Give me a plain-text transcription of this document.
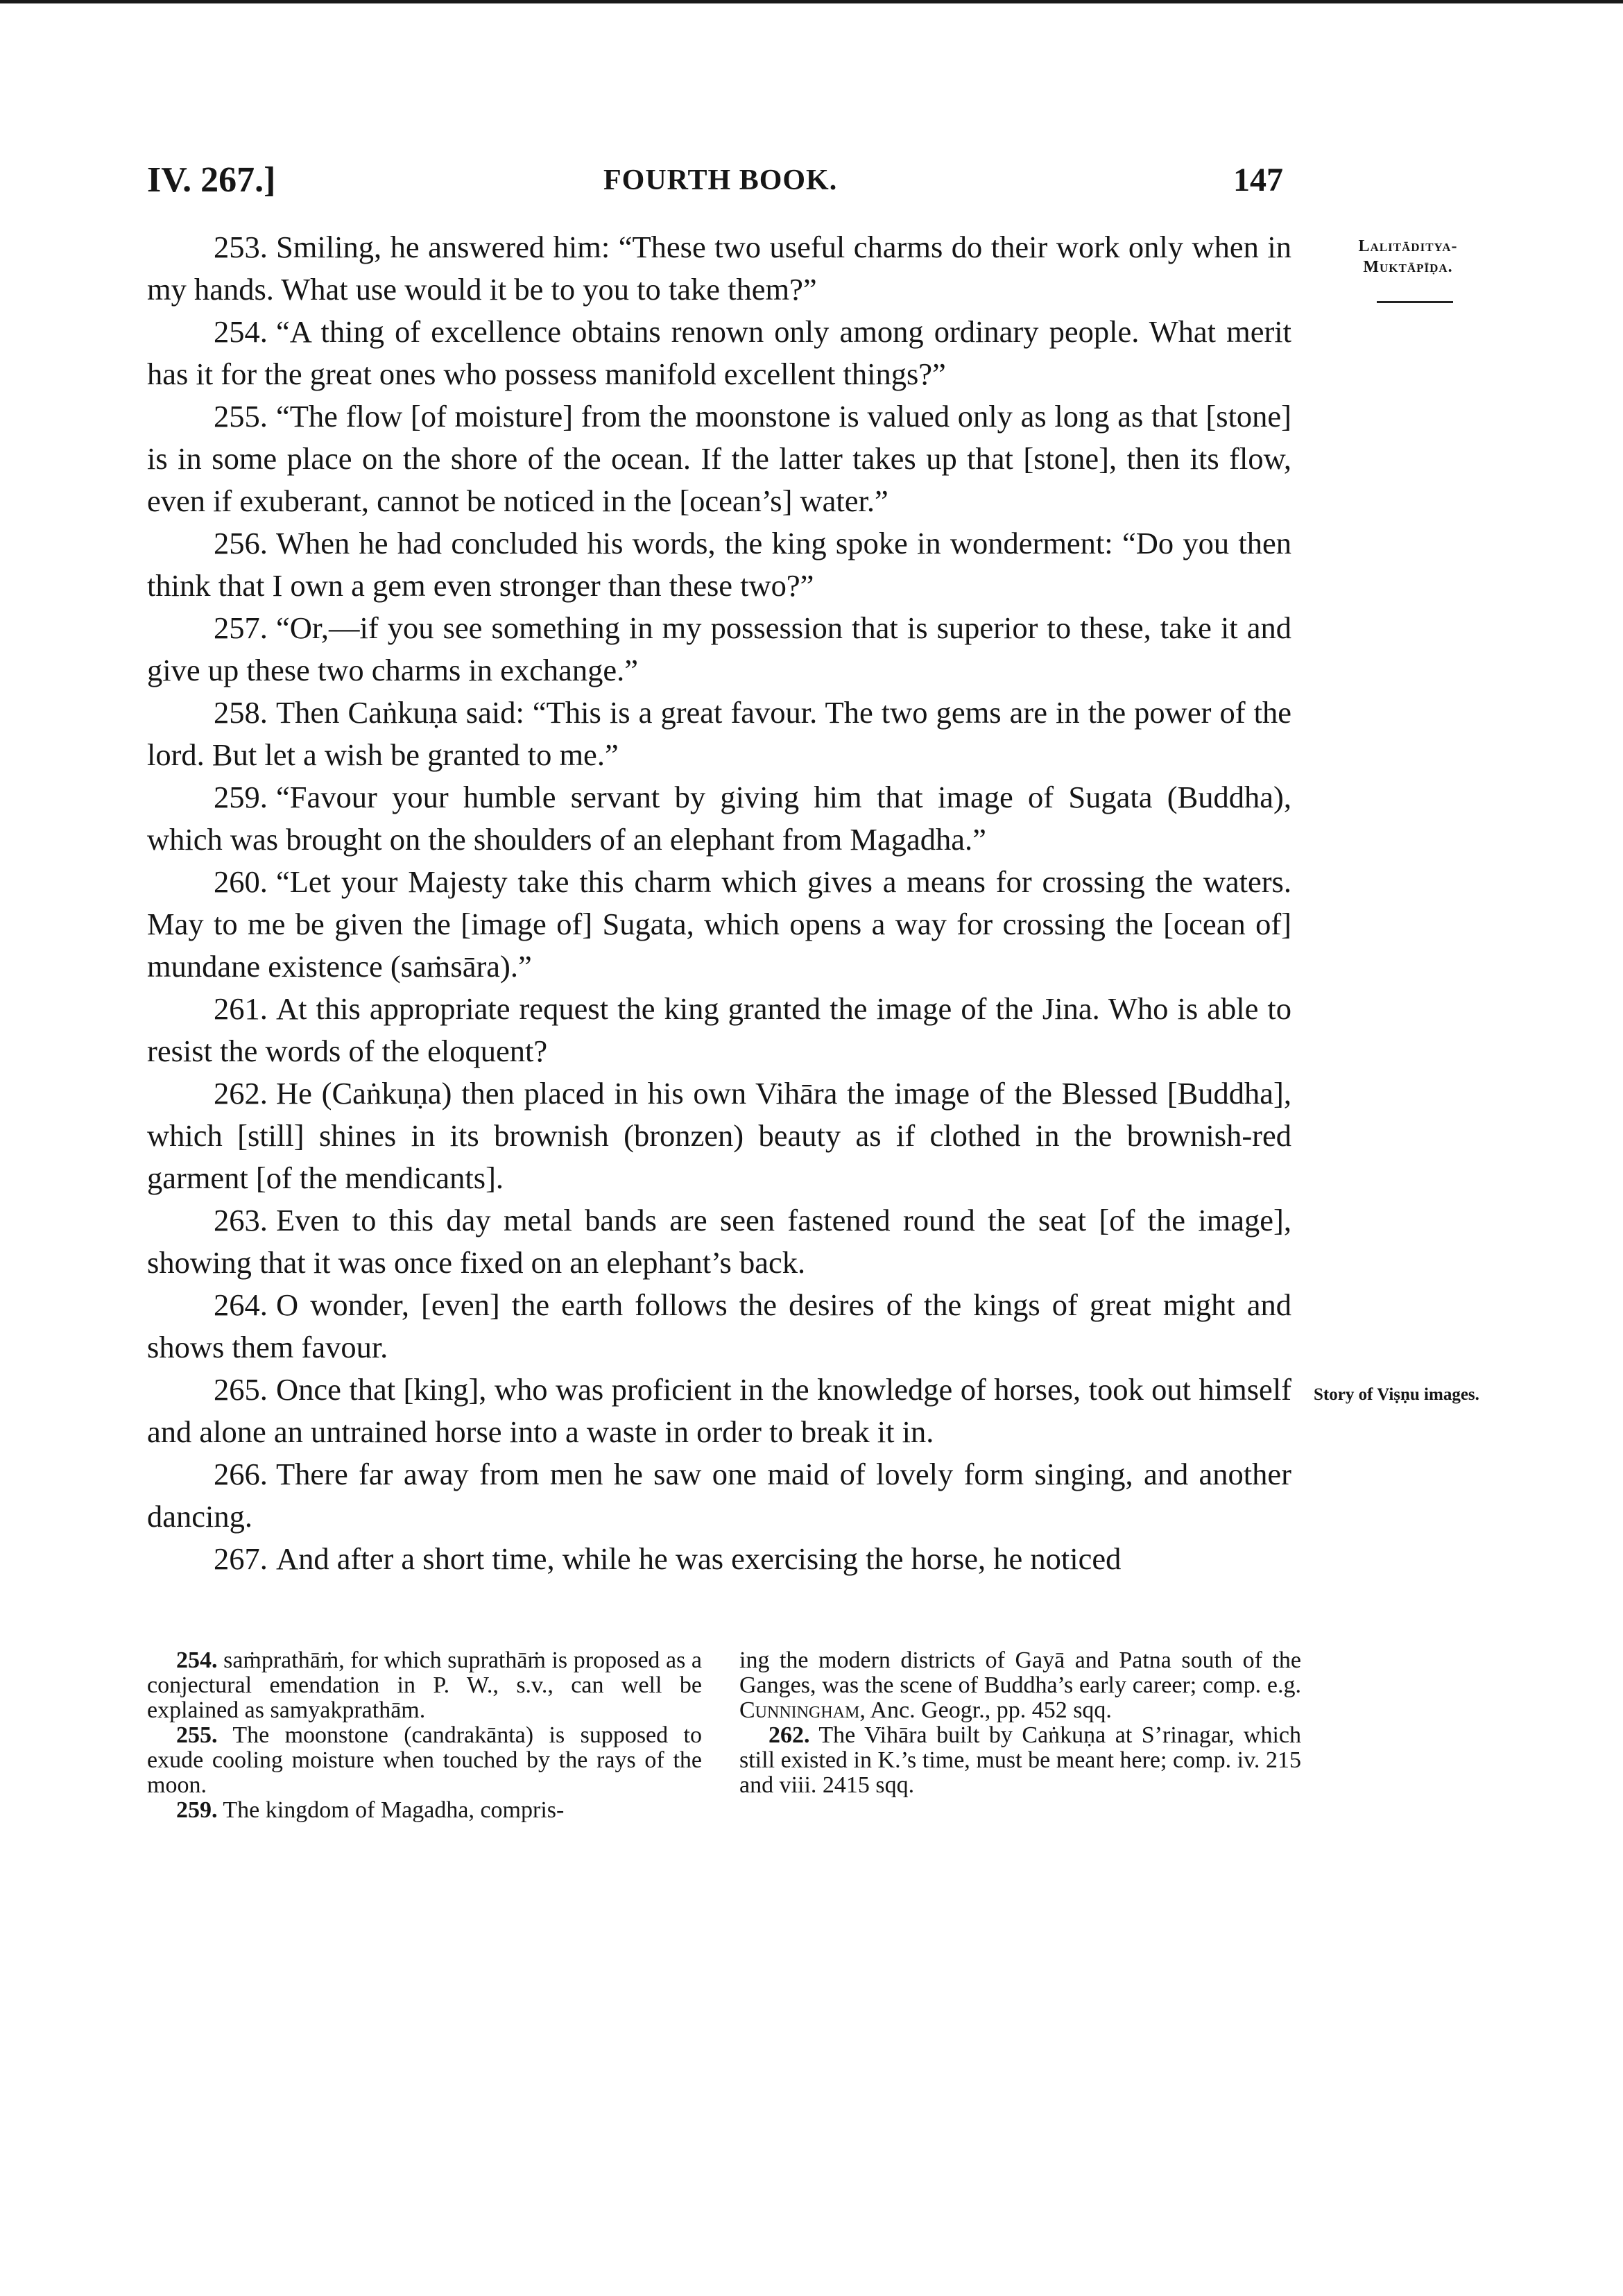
IV. 267.]	FOURTH BOOK.	147
Lalitāditya-
Muktāpīḍa.
Story of Viṣṇu images.

253. Smiling, he answered him: “These two useful charms do their work only when in my hands. What use would it be to you to take them?”

254. “A thing of excellence obtains renown only among ordinary people. What merit has it for the great ones who possess manifold excellent things?”

255. “The flow [of moisture] from the moonstone is valued only as long as that [stone] is in some place on the shore of the ocean. If the latter takes up that [stone], then its flow, even if exuberant, cannot be noticed in the [ocean’s] water.”

256. When he had concluded his words, the king spoke in wonderment: “Do you then think that I own a gem even stronger than these two?”

257. “Or,—if you see something in my possession that is superior to these, take it and give up these two charms in exchange.”

258. Then Caṅkuṇa said: “This is a great favour. The two gems are in the power of the lord. But let a wish be granted to me.”

259. “Favour your humble servant by giving him that image of Sugata (Buddha), which was brought on the shoulders of an elephant from Magadha.”

260. “Let your Majesty take this charm which gives a means for crossing the waters. May to me be given the [image of] Sugata, which opens a way for crossing the [ocean of] mundane existence (saṁsāra).”

261. At this appropriate request the king granted the image of the Jina. Who is able to resist the words of the eloquent?

262. He (Caṅkuṇa) then placed in his own Vihāra the image of the Blessed [Buddha], which [still] shines in its brownish (bronzen) beauty as if clothed in the brownish-red garment [of the mendicants].

263. Even to this day metal bands are seen fastened round the seat [of the image], showing that it was once fixed on an elephant’s back.

264. O wonder, [even] the earth follows the desires of the kings of great might and shows them favour.

265. Once that [king], who was proficient in the knowledge of horses, took out himself and alone an untrained horse into a waste in order to break it in.

266. There far away from men he saw one maid of lovely form singing, and another dancing.

267. And after a short time, while he was exercising the horse, he noticed

254. saṁprathāṁ, for which suprathāṁ is proposed as a conjectural emendation in P. W., s.v., can well be explained as samyakprathām.

255. The moonstone (candrakānta) is supposed to exude cooling moisture when touched by the rays of the moon.

259. The kingdom of Magadha, compris-

ing the modern districts of Gayā and Patna south of the Ganges, was the scene of Buddha’s early career; comp. e.g. Cunningham, Anc. Geogr., pp. 452 sqq.

262. The Vihāra built by Caṅkuṇa at S’rinagar, which still existed in K.’s time, must be meant here; comp. iv. 215 and viii. 2415 sqq.
